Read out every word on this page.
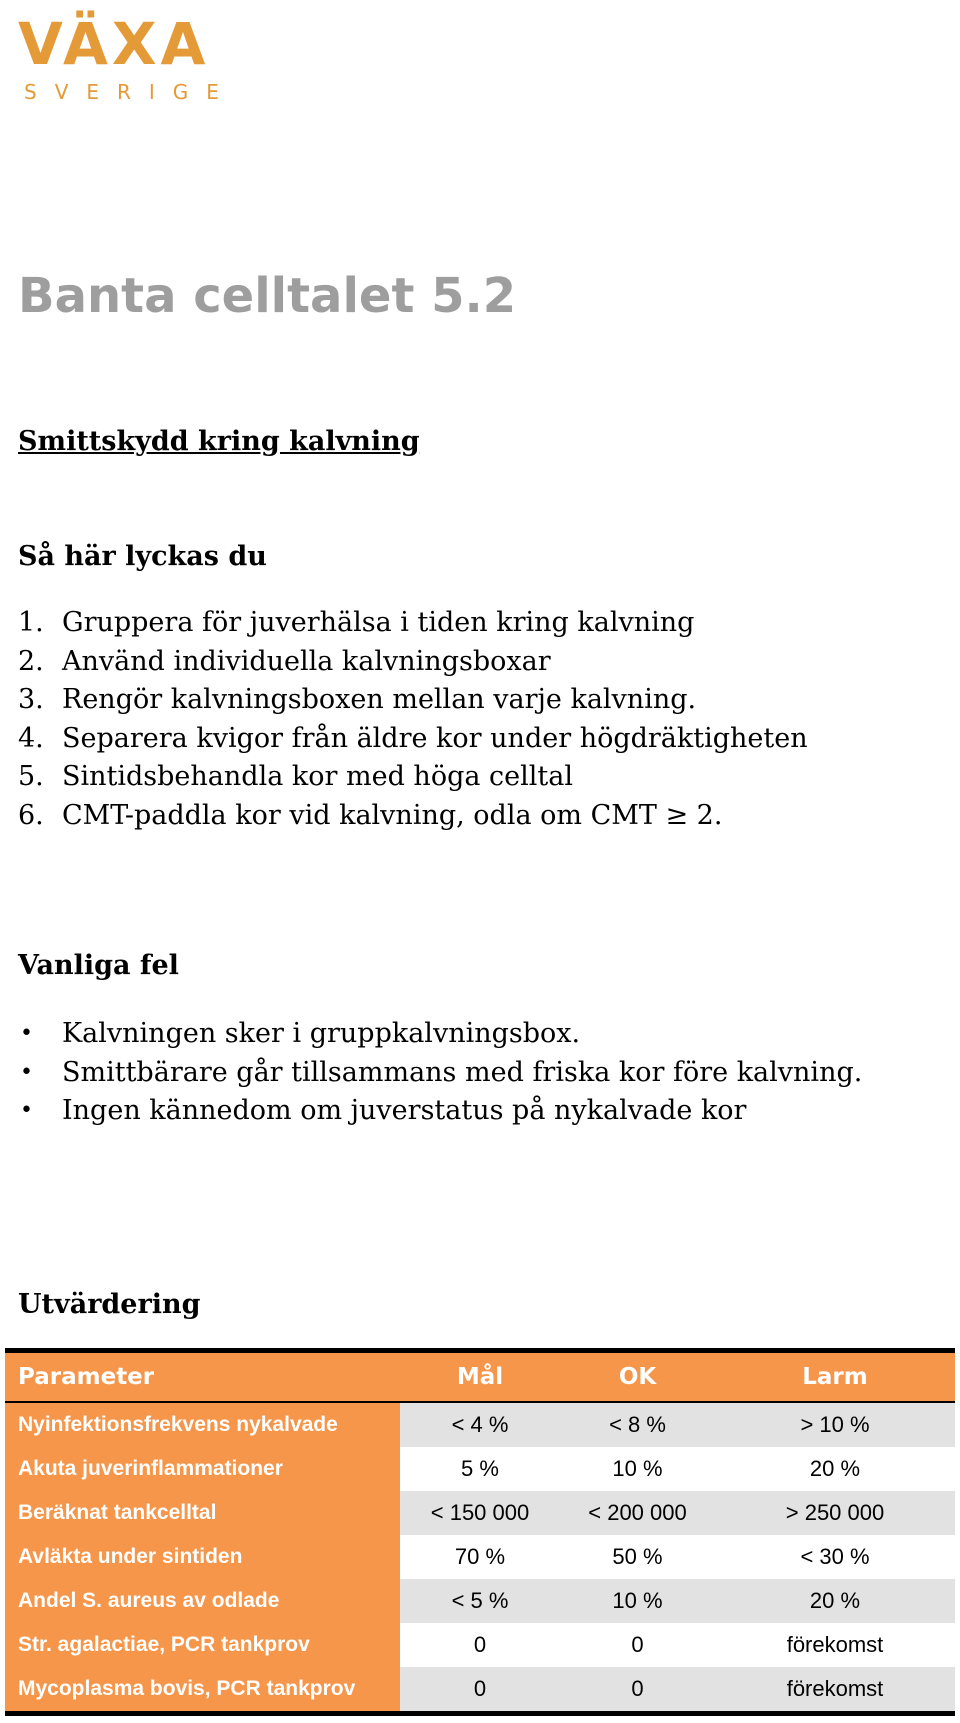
VÄXA
SVERIGE
Banta celltalet 5.2
Smittskydd kring kalvning
Så här lyckas du
1. Gruppera för juverhälsa i tiden kring kalvning
2. Använd individuella kalvningsboxar
3. Rengör kalvningsboxen mellan varje kalvning.
4. Separera kvigor från äldre kor under högdräktigheten
5. Sintidsbehandla kor med höga celltal
6. CMT-paddla kor vid kalvning, odla om CMT ≥ 2.
Vanliga fel
• Kalvningen sker i gruppkalvningsbox.
• Smittbärare går tillsammans med friska kor före kalvning.
• Ingen kännedom om juverstatus på nykalvade kor
Utvärdering
Parameter	Mål	OK	Larm
Nyinfektionsfrekvens nykalvade	< 4 %	< 8 %	> 10 %
Akuta juverinflammationer	5 %	10 %	20 %
Beräknat tankcelltal	< 150 000	< 200 000	> 250 000
Avläkta under sintiden	70 %	50 %	< 30 %
Andel S. aureus av odlade	< 5 %	10 %	20 %
Str. agalactiae, PCR tankprov	0	0	förekomst
Mycoplasma bovis, PCR tankprov	0	0	förekomst
